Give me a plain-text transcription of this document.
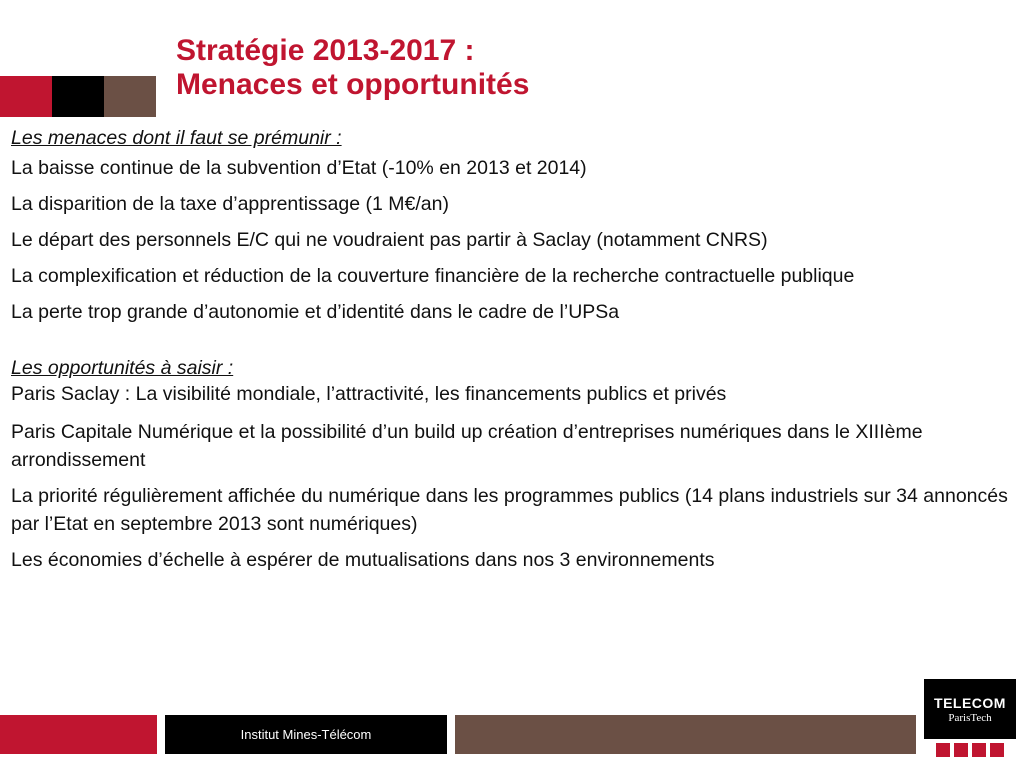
Stratégie 2013-2017 :
Menaces et opportunités
Les menaces dont il faut se prémunir :
La baisse continue de la subvention d’Etat (-10% en 2013 et 2014)
La disparition de la taxe d’apprentissage (1 M€/an)
Le départ des personnels E/C qui ne voudraient pas partir à Saclay (notamment CNRS)
La complexification et réduction de la couverture financière de la recherche contractuelle publique
La perte trop grande d’autonomie et d’identité dans le cadre de l’UPSa
Les opportunités à saisir :
Paris Saclay : La visibilité mondiale, l’attractivité, les financements publics et privés
Paris Capitale Numérique et la possibilité d’un build up création d’entreprises numériques dans le XIIIème arrondissement
La priorité régulièrement affichée du numérique dans les programmes publics (14 plans industriels sur 34 annoncés par l’Etat en septembre 2013 sont numériques)
Les économies d’échelle à espérer de mutualisations dans nos 3 environnements
Institut Mines-Télécom
TELECOM
ParisTech
